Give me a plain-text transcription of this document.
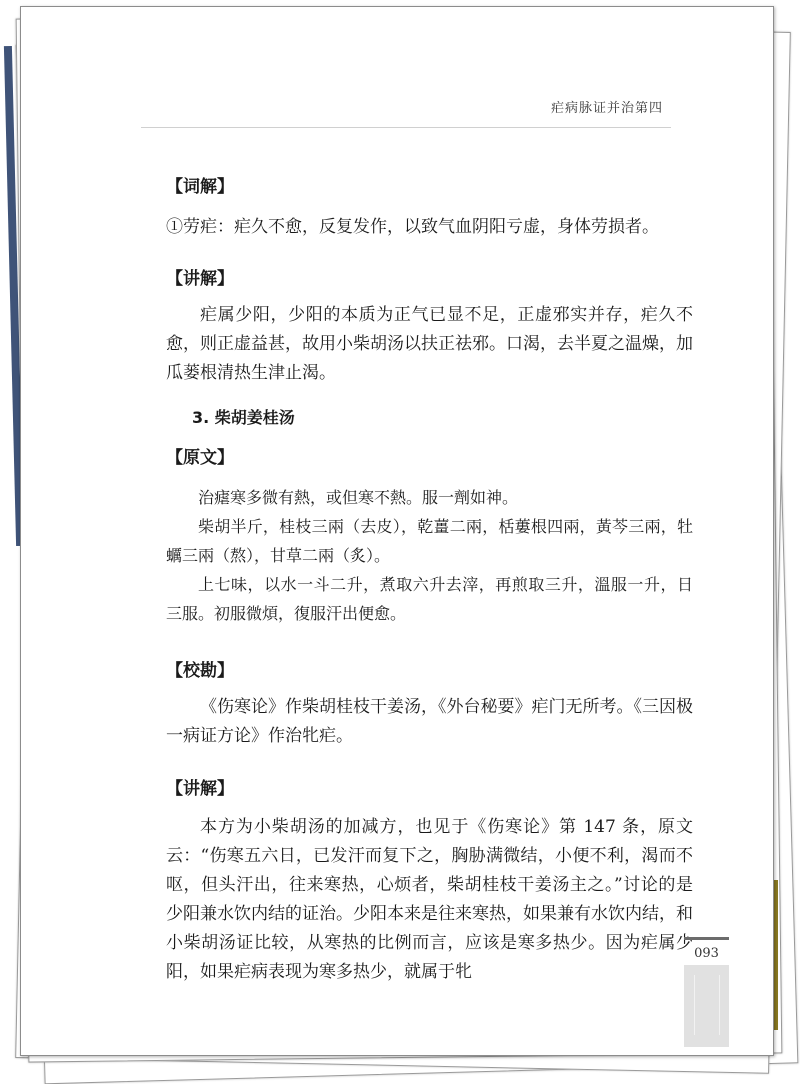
疟病脉证并治第四

【词解】

①劳疟：疟久不愈，反复发作，以致气血阴阳亏虚，身体劳损者。

【讲解】

疟属少阳，少阳的本质为正气已显不足，正虚邪实并存，疟久不愈，则正虚益甚，故用小柴胡汤以扶正祛邪。口渴，去半夏之温燥，加瓜蒌根清热生津止渴。

3. 柴胡姜桂汤

【原文】

治瘧寒多微有熱，或但寒不熱。服一劑如神。

柴胡半斤，桂枝三兩（去皮），乾薑二兩，栝蔞根四兩，黃芩三兩，牡蠣三兩（熬），甘草二兩（炙）。

上七味，以水一斗二升，煮取六升去滓，再煎取三升，溫服一升，日三服。初服微煩，復服汗出便愈。

【校勘】

《伤寒论》作柴胡桂枝干姜汤，《外台秘要》疟门无所考。《三因极一病证方论》作治牝疟。

【讲解】

本方为小柴胡汤的加减方，也见于《伤寒论》第 147 条，原文云：“伤寒五六日，已发汗而复下之，胸胁满微结，小便不利，渴而不呕，但头汗出，往来寒热，心烦者，柴胡桂枝干姜汤主之。”讨论的是少阳兼水饮内结的证治。少阳本来是往来寒热，如果兼有水饮内结，和小柴胡汤证比较，从寒热的比例而言，应该是寒多热少。因为疟属少阳，如果疟病表现为寒多热少，就属于牝

093
